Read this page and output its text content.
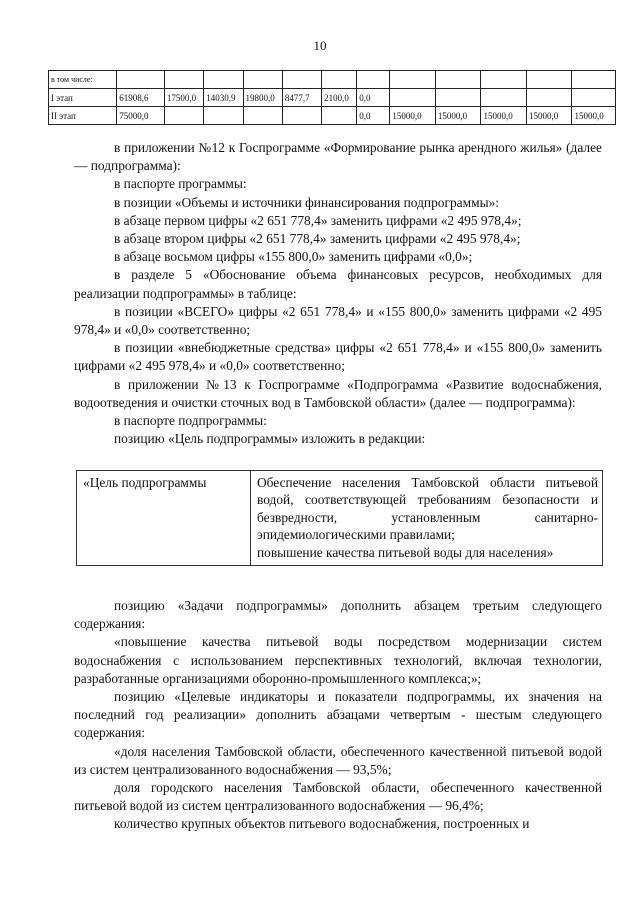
10
в том числе:												
I этап	61908,6	17500,0	14030,9	19800,0	8477,7	2100,0	0,0					
II этап	75000,0						0,0	15000,0	15000,0	15000,0	15000,0	15000,0

в приложении №12 к Госпрограмме «Формирование рынка арендного жилья» (далее — подпрограмма):

в паспорте программы:

в позиции «Объемы и источники финансирования подпрограммы»:

в абзаце первом цифры «2 651 778,4» заменить цифрами «2 495 978,4»;

в абзаце втором цифры «2 651 778,4» заменить цифрами «2 495 978,4»;

в абзаце восьмом цифры «155 800,0» заменить цифрами «0,0»;

в разделе 5 «Обоснование объема финансовых ресурсов, необходимых для реализации подпрограммы» в таблице:

в позиции «ВСЕГО» цифры «2 651 778,4» и «155 800,0» заменить цифрами «2 495 978,4» и «0,0» соответственно;

в позиции «внебюджетные средства» цифры «2 651 778,4» и «155 800,0» заменить цифрами «2 495 978,4» и «0,0» соответственно;

в приложении №13 к Госпрограмме «Подпрограмма «Развитие водоснабжения, водоотведения и очистки сточных вод в Тамбовской области» (далее — подпрограмма):

в паспорте подпрограммы:

позицию «Цель подпрограммы» изложить в редакции:

«Цель подпрограммы	Обеспечение населения Тамбовской области питьевой водой, соответствующей требованиям безопасности и безвредности, установленным санитарно-эпидемиологическими правилами;
повышение качества питьевой воды для населения»

позицию «Задачи подпрограммы» дополнить абзацем третьим следующего содержания:

«повышение качества питьевой воды посредством модернизации систем водоснабжения с использованием перспективных технологий, включая технологии, разработанные организациями оборонно-промышленного комплекса;»;

позицию «Целевые индикаторы и показатели подпрограммы, их значения на последний год реализации» дополнить абзацами четвертым - шестым следующего содержания:

«доля населения Тамбовской области, обеспеченного качественной питьевой водой из систем централизованного водоснабжения — 93,5%;

доля городского населения Тамбовской области, обеспеченного качественной питьевой водой из систем централизованного водоснабжения — 96,4%;

количество крупных объектов питьевого водоснабжения, построенных и
